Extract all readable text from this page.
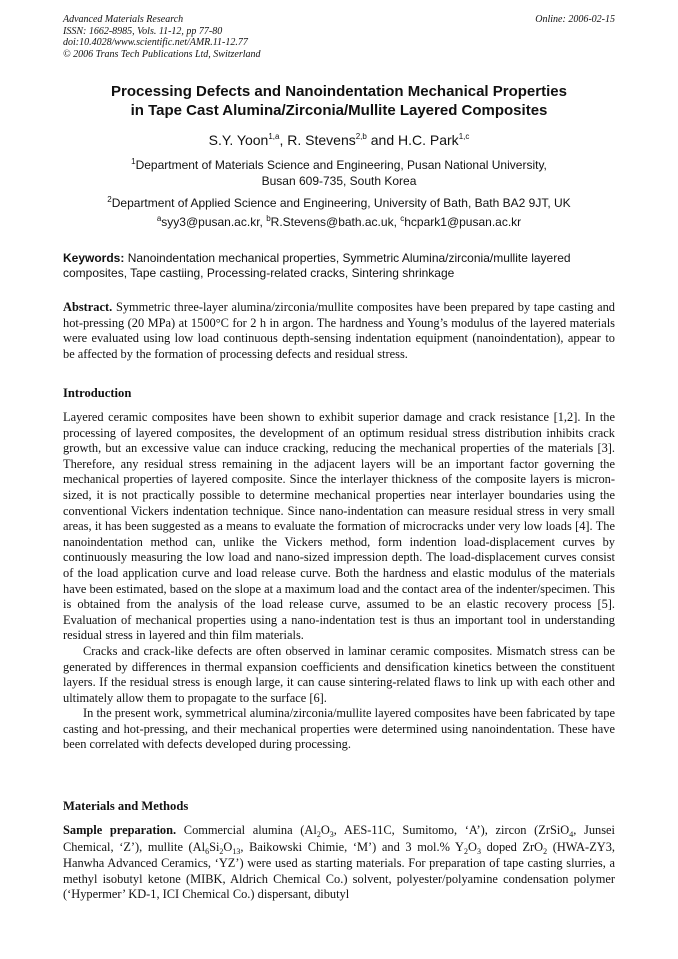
Advanced Materials Research
ISSN: 1662-8985, Vols. 11-12, pp 77-80
doi:10.4028/www.scientific.net/AMR.11-12.77
© 2006 Trans Tech Publications Ltd, Switzerland
Online: 2006-02-15
Processing Defects and Nanoindentation Mechanical Properties
in Tape Cast Alumina/Zirconia/Mullite Layered Composites
S.Y. Yoon$^{1,a}$, R. Stevens$^{2,b}$ and H.C. Park$^{1,c}$
$^1$Department of Materials Science and Engineering, Pusan National University,
Busan 609-735, South Korea
$^2$Department of Applied Science and Engineering, University of Bath, Bath BA2 9JT, UK
$^a$syy3@pusan.ac.kr, $^b$R.Stevens@bath.ac.uk, $^c$hcpark1@pusan.ac.kr
Keywords: Nanoindentation mechanical properties, Symmetric Alumina/zirconia/mullite layered composites, Tape castiing, Processing-related cracks, Sintering shrinkage
Abstract. Symmetric three-layer alumina/zirconia/mullite composites have been prepared by tape casting and hot-pressing (20 MPa) at 1500°C for 2 h in argon. The hardness and Young’s modulus of the layered materials were evaluated using low load continuous depth-sensing indentation equipment (nanoindentation), appear to be affected by the formation of processing defects and residual stress.
Introduction

Layered ceramic composites have been shown to exhibit superior damage and crack resistance [1,2]. In the processing of layered composites, the development of an optimum residual stress distribution inhibits crack growth, but an excessive value can induce cracking, reducing the mechanical properties of the materials [3]. Therefore, any residual stress remaining in the adjacent layers will be an important factor governing the mechanical properties of layered composite. Since the interlayer thickness of the composite layers is micron-sized, it is not practically possible to determine mechanical properties near interlayer boundaries using the conventional Vickers indentation technique. Since nano-indentation can measure residual stress in very small areas, it has been suggested as a means to evaluate the formation of microcracks under very low loads [4]. The nanoindentation method can, unlike the Vickers method, form indention load-displacement curves by continuously measuring the low load and nano-sized impression depth. The load-displacement curves consist of the load application curve and load release curve. Both the hardness and elastic modulus of the materials have been estimated, based on the slope at a maximum load and the contact area of the indenter/specimen. This is obtained from the analysis of the load release curve, assumed to be an elastic recovery process [5]. Evaluation of mechanical properties using a nano-indentation test is thus an important tool in understanding residual stress in layered and thin film materials.

Cracks and crack-like defects are often observed in laminar ceramic composites. Mismatch stress can be generated by differences in thermal expansion coefficients and densification kinetics between the constituent layers. If the residual stress is enough large, it can cause sintering-related flaws to link up with each other and ultimately allow them to propagate to the surface [6].

In the present work, symmetrical alumina/zirconia/mullite layered composites have been fabricated by tape casting and hot-pressing, and their mechanical properties were determined using nanoindentation. These have been correlated with defects developed during processing.

Materials and Methods
Sample preparation. Commercial alumina ($Al_2O_3$, AES-11C, Sumitomo, ‘A’), zircon (ZrSiO$_4$, Junsei Chemical, ‘Z’), mullite ($Al_6Si_2O_{13}$, Baikowski Chimie, ‘M’) and 3 mol.% $Y_2O_3$ doped ZrO$_2$ (HWA-ZY3, Hanwha Advanced Ceramics, ‘YZ’) were used as starting materials. For preparation of tape casting slurries, a methyl isobutyl ketone (MIBK, Aldrich Chemical Co.) solvent, polyester/polyamine condensation polymer (‘Hypermer’ KD-1, ICI Chemical Co.) dispersant, dibutyl
